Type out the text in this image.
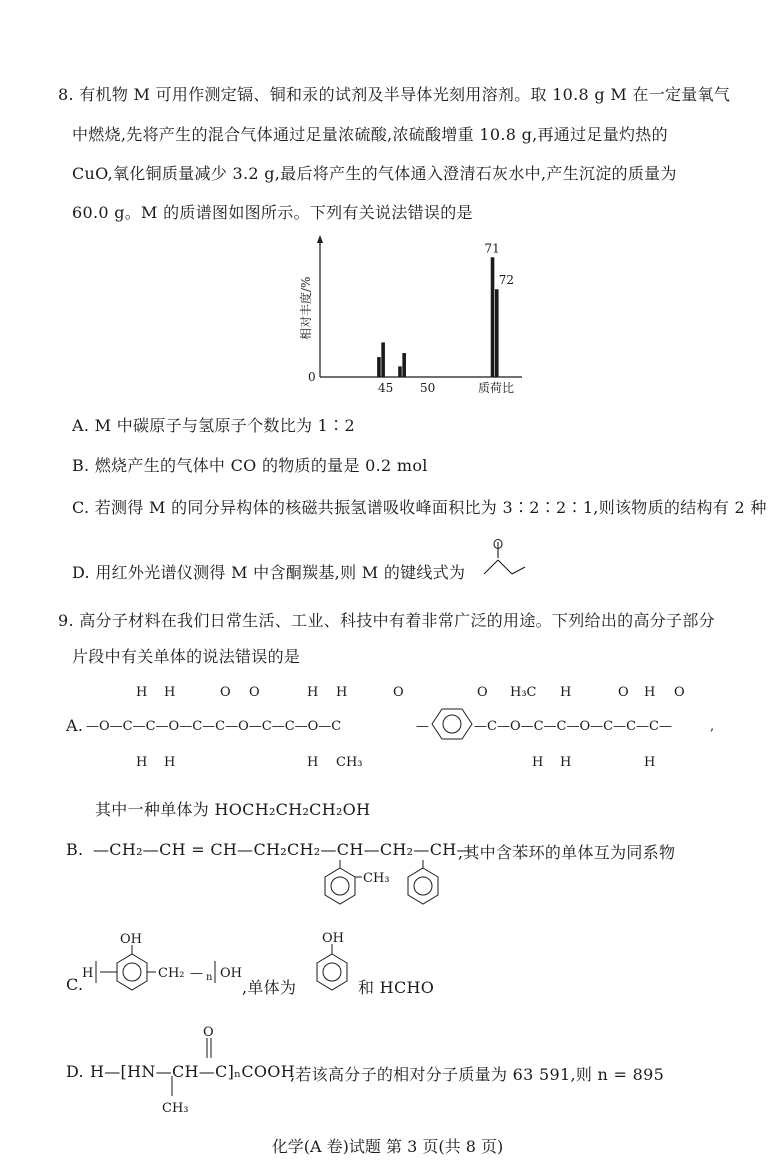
8. 有机物 M 可用作测定镉、铜和汞的试剂及半导体光刻用溶剂。取 10.8 g M 在一定量氧气
中燃烧,先将产生的混合气体通过足量浓硫酸,浓硫酸增重 10.8 g,再通过足量灼热的
CuO,氧化铜质量减少 3.2 g,最后将产生的气体通入澄清石灰水中,产生沉淀的质量为
60.0 g。M 的质谱图如图所示。下列有关说法错误的是
0
相对丰度/%
质荷比
45 50
71
72
A. M 中碳原子与氢原子个数比为 1∶2
B. 燃烧产生的气体中 CO 的物质的量是 0.2 mol
C. 若测得 M 的同分异构体的核磁共振氢谱吸收峰面积比为 3∶2∶2∶1,则该物质的结构有 2 种
D. 用红外光谱仪测得 M 中含酮羰基,则 M 的键线式为
9. 高分子材料在我们日常生活、工业、科技中有着非常广泛的用途。下列给出的高分子部分
片段中有关单体的说法错误的是
A. —O—C—C—O—C—C—O—C—C—O—C
H H
H H
O O	H H
H CH₃
O
—	—C—O—C—C—O—C—C—C—
O H₃C H
H H
O H O
H
,
其中一种单体为 HOCH₂CH₂CH₂OH
B. —CH₂—CH = CH—CH₂CH₂—CH—CH₂—CH—
,其中含苯环的单体互为同系物
CH₃
C.
H
OH
CH₂ — n OH
,单体为
OH
和 HCHO
D. H—[HN—CH—C]ₙCOOH
O
CH₃
,若该高分子的相对分子质量为 63 591,则 n = 895
化学(A 卷)试题 第 3 页(共 8 页)
